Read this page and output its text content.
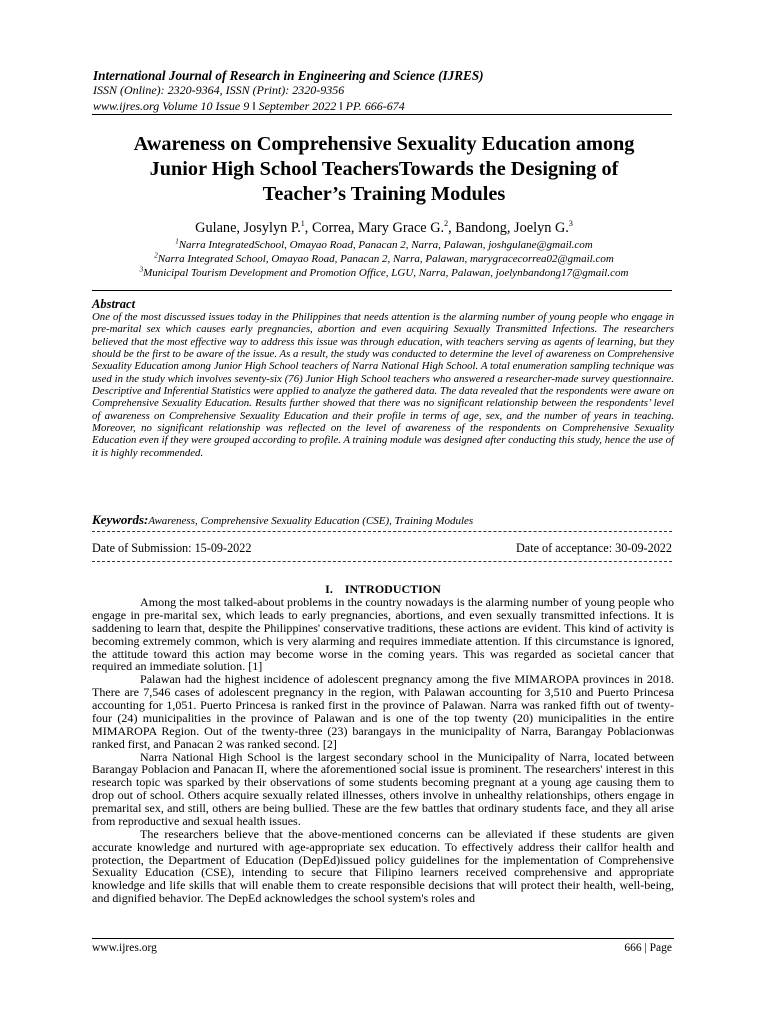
International Journal of Research in Engineering and Science (IJRES)
ISSN (Online): 2320-9364, ISSN (Print): 2320-9356
www.ijres.org Volume 10 Issue 9 ǁ September 2022 ǁ PP. 666-674
Awareness on Comprehensive Sexuality Education among
Junior High School TeachersTowards the Designing of
Teacher’s Training Modules
Gulane, Josylyn P.$^1$, Correa, Mary Grace G.$^2$, Bandong, Joelyn G.$^3$
$^1$Narra IntegratedSchool, Omayao Road, Panacan 2, Narra, Palawan, joshgulane@gmail.com
$^2$Narra Integrated School, Omayao Road, Panacan 2, Narra, Palawan, marygracecorrea02@gmail.com
$^3$Municipal Tourism Development and Promotion Office, LGU, Narra, Palawan, joelynbandong17@gmail.com
Abstract
One of the most discussed issues today in the Philippines that needs attention is the alarming number of young people who engage in pre-marital sex which causes early pregnancies, abortion and even acquiring Sexually Transmitted Infections. The researchers believed that the most effective way to address this issue was through education, with teachers serving as agents of learning, but they should be the first to be aware of the issue. As a result, the study was conducted to determine the level of awareness on Comprehensive Sexuality Education among Junior High School teachers of Narra National High School. A total enumeration sampling technique was used in the study which involves seventy-six (76) Junior High School teachers who answered a researcher-made survey questionnaire. Descriptive and Inferential Statistics were applied to analyze the gathered data. The data revealed that the respondents were aware on Comprehensive Sexuality Education. Results further showed that there was no significant relationship between the respondents’ level of awareness on Comprehensive Sexuality Education and their profile in terms of age, sex, and the number of years in teaching. Moreover, no significant relationship was reflected on the level of awareness of the respondents on Comprehensive Sexuality Education even if they were grouped according to profile. A training module was designed after conducting this study, hence the use of it is highly recommended.
Keywords:Awareness, Comprehensive Sexuality Education (CSE), Training Modules
Date of Submission: 15-09-2022	Date of acceptance: 30-09-2022
I. INTRODUCTION

Among the most talked-about problems in the country nowadays is the alarming number of young people who engage in pre-marital sex, which leads to early pregnancies, abortions, and even sexually transmitted infections. It is saddening to learn that, despite the Philippines' conservative traditions, these actions are evident. This kind of activity is becoming extremely common, which is very alarming and requires immediate attention. If this circumstance is ignored, the attitude toward this action may become worse in the coming years. This was regarded as societal cancer that required an immediate solution. [1]

Palawan had the highest incidence of adolescent pregnancy among the five MIMAROPA provinces in 2018. There are 7,546 cases of adolescent pregnancy in the region, with Palawan accounting for 3,510 and Puerto Princesa accounting for 1,051. Puerto Princesa is ranked first in the province of Palawan. Narra was ranked fifth out of twenty-four (24) municipalities in the province of Palawan and is one of the top twenty (20) municipalities in the entire MIMAROPA Region. Out of the twenty-three (23) barangays in the municipality of Narra, Barangay Poblacionwas ranked first, and Panacan 2 was ranked second. [2]

Narra National High School is the largest secondary school in the Municipality of Narra, located between Barangay Poblacion and Panacan II, where the aforementioned social issue is prominent. The researchers' interest in this research topic was sparked by their observations of some students becoming pregnant at a young age causing them to drop out of school. Others acquire sexually related illnesses, others involve in unhealthy relationships, others engage in premarital sex, and still, others are being bullied. These are the few battles that ordinary students face, and they all arise from reproductive and sexual health issues.

The researchers believe that the above-mentioned concerns can be alleviated if these students are given accurate knowledge and nurtured with age-appropriate sex education. To effectively address their callfor health and protection, the Department of Education (DepEd)issued policy guidelines for the implementation of Comprehensive Sexuality Education (CSE), intending to secure that Filipino learners received comprehensive and appropriate knowledge and life skills that will enable them to create responsible decisions that will protect their health, well-being, and dignified behavior. The DepEd acknowledges the school system's roles and

www.ijres.org	666 | Page
